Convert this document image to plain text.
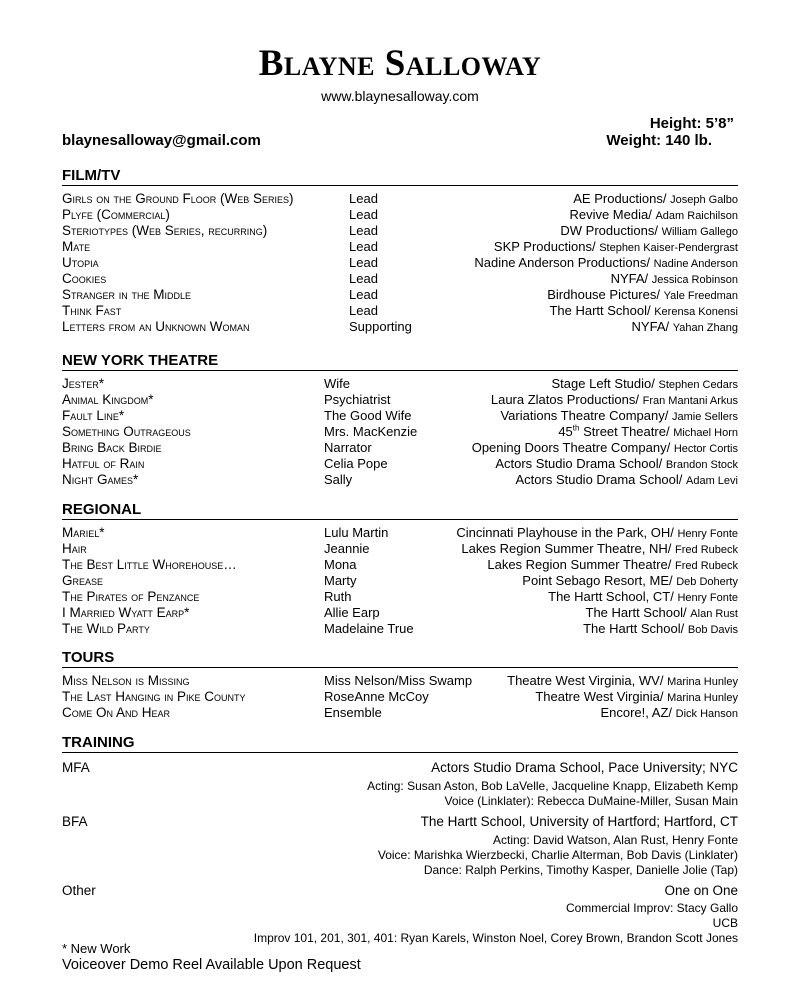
Blayne Salloway
www.blaynesalloway.com
Height: 5’8”
Weight: 140 lb.
blaynesalloway@gmail.com
FILM/TV
Girls on the Ground Floor (Web Series)	Lead	AE Productions/ Joseph Galbo
Plyfe (Commercial)	Lead	Revive Media/ Adam Raichilson
Steriotypes (Web Series, recurring)	Lead	DW Productions/ William Gallego
Mate	Lead	SKP Productions/ Stephen Kaiser-Pendergrast
Utopia	Lead	Nadine Anderson Productions/ Nadine Anderson
Cookies	Lead	NYFA/ Jessica Robinson
Stranger in the Middle	Lead	Birdhouse Pictures/ Yale Freedman
Think Fast	Lead	The Hartt School/ Kerensa Konensi
Letters from an Unknown Woman	Supporting	NYFA/ Yahan Zhang
NEW YORK THEATRE
Jester*	Wife	Stage Left Studio/ Stephen Cedars
Animal Kingdom*	Psychiatrist	Laura Zlatos Productions/ Fran Mantani Arkus
Fault Line*	The Good Wife	Variations Theatre Company/ Jamie Sellers
Something Outrageous	Mrs. MacKenzie	45th Street Theatre/ Michael Horn
Bring Back Birdie	Narrator	Opening Doors Theatre Company/ Hector Cortis
Hatful of Rain	Celia Pope	Actors Studio Drama School/ Brandon Stock
Night Games*	Sally	Actors Studio Drama School/ Adam Levi
REGIONAL
Mariel*	Lulu Martin	Cincinnati Playhouse in the Park, OH/ Henry Fonte
Hair	Jeannie	Lakes Region Summer Theatre, NH/ Fred Rubeck
The Best Little Whorehouse…	Mona	Lakes Region Summer Theatre/ Fred Rubeck
Grease	Marty	Point Sebago Resort, ME/ Deb Doherty
The Pirates of Penzance	Ruth	The Hartt School, CT/ Henry Fonte
I Married Wyatt Earp*	Allie Earp	The Hartt School/ Alan Rust
The Wild Party	Madelaine True	The Hartt School/ Bob Davis
TOURS
Miss Nelson is Missing	Miss Nelson/Miss Swamp	Theatre West Virginia, WV/ Marina Hunley
The Last Hanging in Pike County	RoseAnne McCoy	Theatre West Virginia/ Marina Hunley
Come On And Hear	Ensemble	Encore!, AZ/ Dick Hanson
TRAINING
MFA	Actors Studio Drama School, Pace University; NYC
Acting: Susan Aston, Bob LaVelle, Jacqueline Knapp, Elizabeth Kemp
Voice (Linklater): Rebecca DuMaine-Miller, Susan Main
BFA	The Hartt School, University of Hartford; Hartford, CT
Acting: David Watson, Alan Rust, Henry Fonte
Voice: Marishka Wierzbecki, Charlie Alterman, Bob Davis (Linklater)
Dance: Ralph Perkins, Timothy Kasper, Danielle Jolie (Tap)
Other	One on One
Commercial Improv: Stacy Gallo
UCB
Improv 101, 201, 301, 401: Ryan Karels, Winston Noel, Corey Brown, Brandon Scott Jones
* New Work
Voiceover Demo Reel Available Upon Request
